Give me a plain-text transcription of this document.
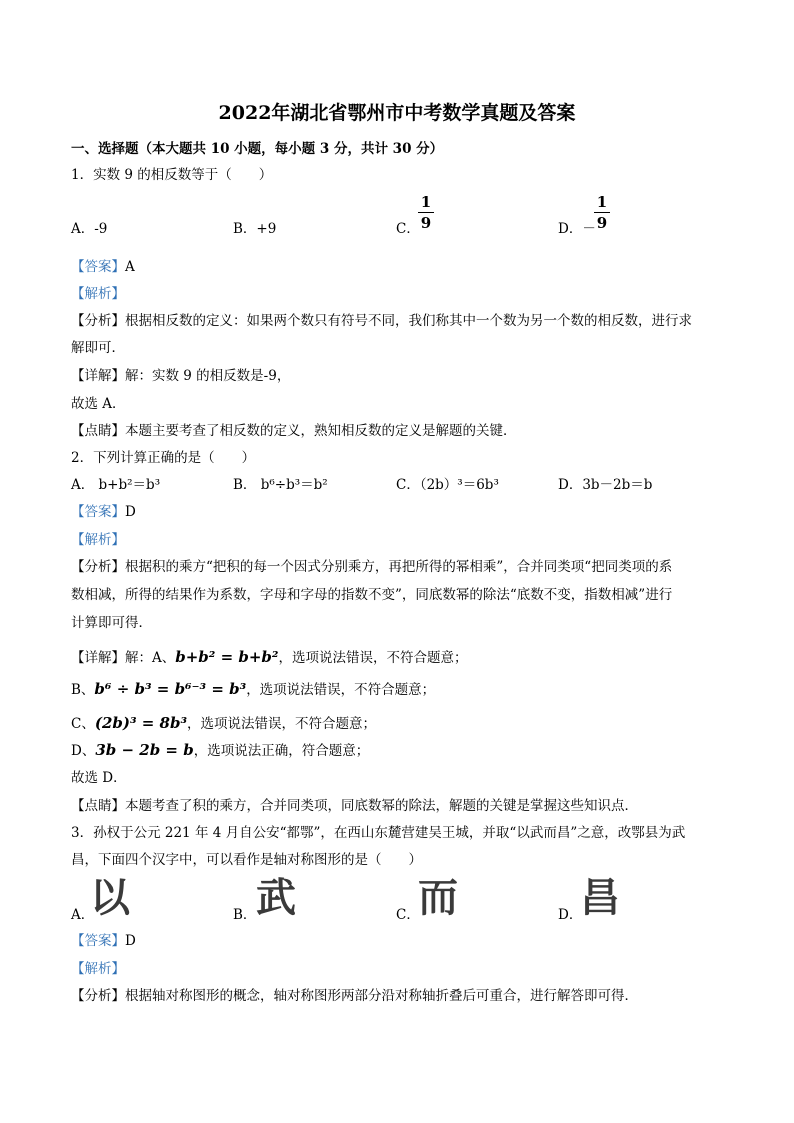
2022年湖北省鄂州市中考数学真题及答案
一、选择题（本大题共 10 小题，每小题 3 分，共计 30 分）
1．实数 9 的相反数等于（　　）
A．-9	B．+9	C．
1
9	D．－
1
9
【答案】A
【解析】
【分析】根据相反数的定义：如果两个数只有符号不同，我们称其中一个数为另一个数的相反数，进行求
解即可．
【详解】解：实数 9 的相反数是-9，
故选 A．
【点睛】本题主要考查了相反数的定义，熟知相反数的定义是解题的关键．
2．下列计算正确的是（　　）
A． b+b²＝b³	B． b⁶÷b³＝b²	C．（2b）³＝6b³	D．3b－2b＝b
【答案】D
【解析】
【分析】根据积的乘方“把积的每一个因式分别乘方，再把所得的幂相乘”，合并同类项“把同类项的系
数相减，所得的结果作为系数，字母和字母的指数不变”，同底数幂的除法“底数不变，指数相减”进行
计算即可得．
【详解】解：A、b+b² = b+b²，选项说法错误，不符合题意；
B、b⁶ ÷ b³ = b⁶⁻³ = b³，选项说法错误，不符合题意；
C、(2b)³ = 8b³，选项说法错误，不符合题意；
D、3b − 2b = b，选项说法正确，符合题意；
故选 D．
【点睛】本题考查了积的乘方，合并同类项，同底数幂的除法，解题的关键是掌握这些知识点．
3．孙权于公元 221 年 4 月自公安“都鄂”，在西山东麓营建吴王城，并取“以武而昌”之意，改鄂县为武
昌，下面四个汉字中，可以看作是轴对称图形的是（　　）
A．
以	B． 武	C．
而	D．
昌
【答案】D
【解析】
【分析】根据轴对称图形的概念，轴对称图形两部分沿对称轴折叠后可重合，进行解答即可得．
